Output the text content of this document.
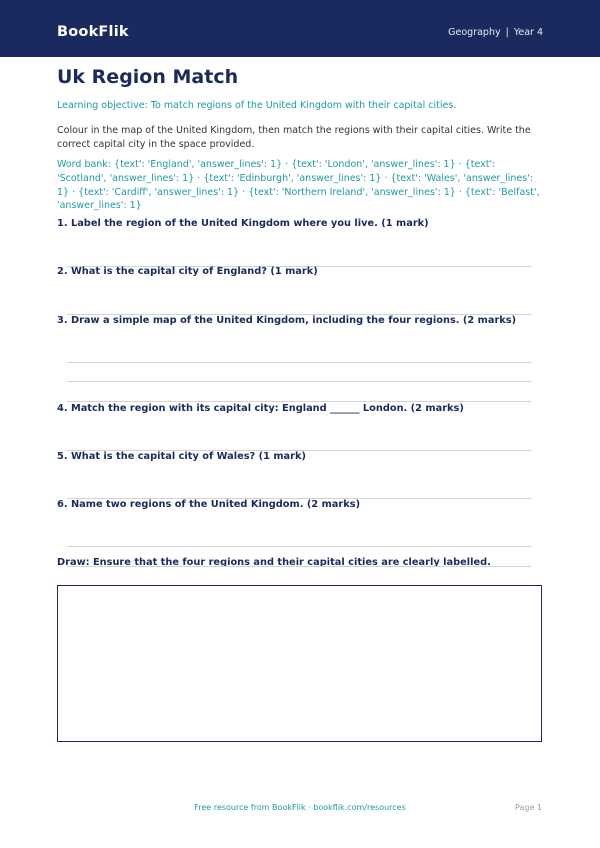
BookFlik	Geography | Year 4
Uk Region Match
Learning objective: To match regions of the United Kingdom with their capital cities.
Colour in the map of the United Kingdom, then match the regions with their capital cities. Write the correct capital city in the space provided.
Word bank: {text': 'England', 'answer_lines': 1} · {text': 'London', 'answer_lines': 1} · {text': 'Scotland', 'answer_lines': 1} · {text': 'Edinburgh', 'answer_lines': 1} · {text': 'Wales', 'answer_lines': 1} · {text': 'Cardiff', 'answer_lines': 1} · {text': 'Northern Ireland', 'answer_lines': 1} · {text': 'Belfast', 'answer_lines': 1}
1. Label the region of the United Kingdom where you live. (1 mark)
2. What is the capital city of England? (1 mark)
3. Draw a simple map of the United Kingdom, including the four regions. (2 marks)
4. Match the region with its capital city: England ______ London. (2 marks)
5. What is the capital city of Wales? (1 mark)
6. Name two regions of the United Kingdom. (2 marks)
Draw: Ensure that the four regions and their capital cities are clearly labelled.
Free resource from BookFlik · bookflik.com/resources	Page 1
